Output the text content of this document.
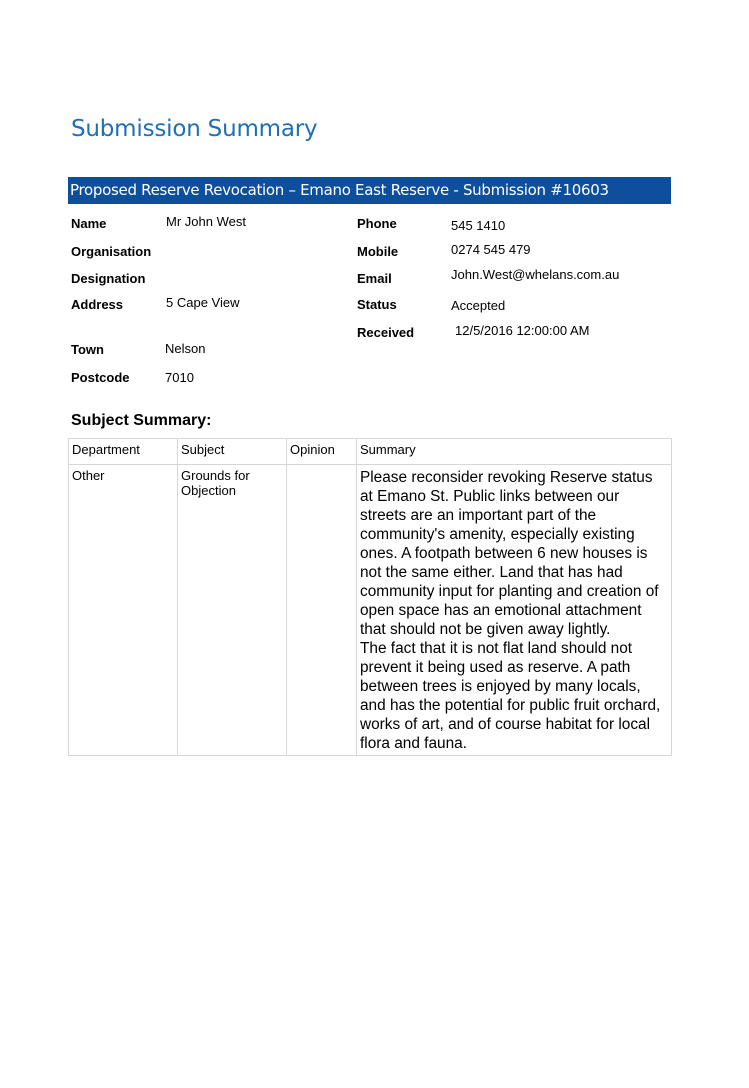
Submission Summary
Proposed Reserve Revocation – Emano East Reserve - Submission #10603
Name	Mr John West
Organisation
Designation
Address	5 Cape View
Town	Nelson
Postcode	7010
Phone	545 1410
Mobile	0274 545 479
Email	John.West@whelans.com.au
Status	Accepted
Received	12/5/2016 12:00:00 AM
Subject Summary:
Department	Subject	Opinion	Summary
Other	Grounds for Objection		Please reconsider revoking Reserve status at Emano St. Public links between our streets are an important part of the community's amenity, especially existing ones. A footpath between 6 new houses is not the same either. Land that has had community input for planting and creation of open space has an emotional attachment that should not be given away lightly.

The fact that it is not flat land should not prevent it being used as reserve. A path between trees is enjoyed by many locals, and has the potential for public fruit orchard, works of art, and of course habitat for local flora and fauna.
